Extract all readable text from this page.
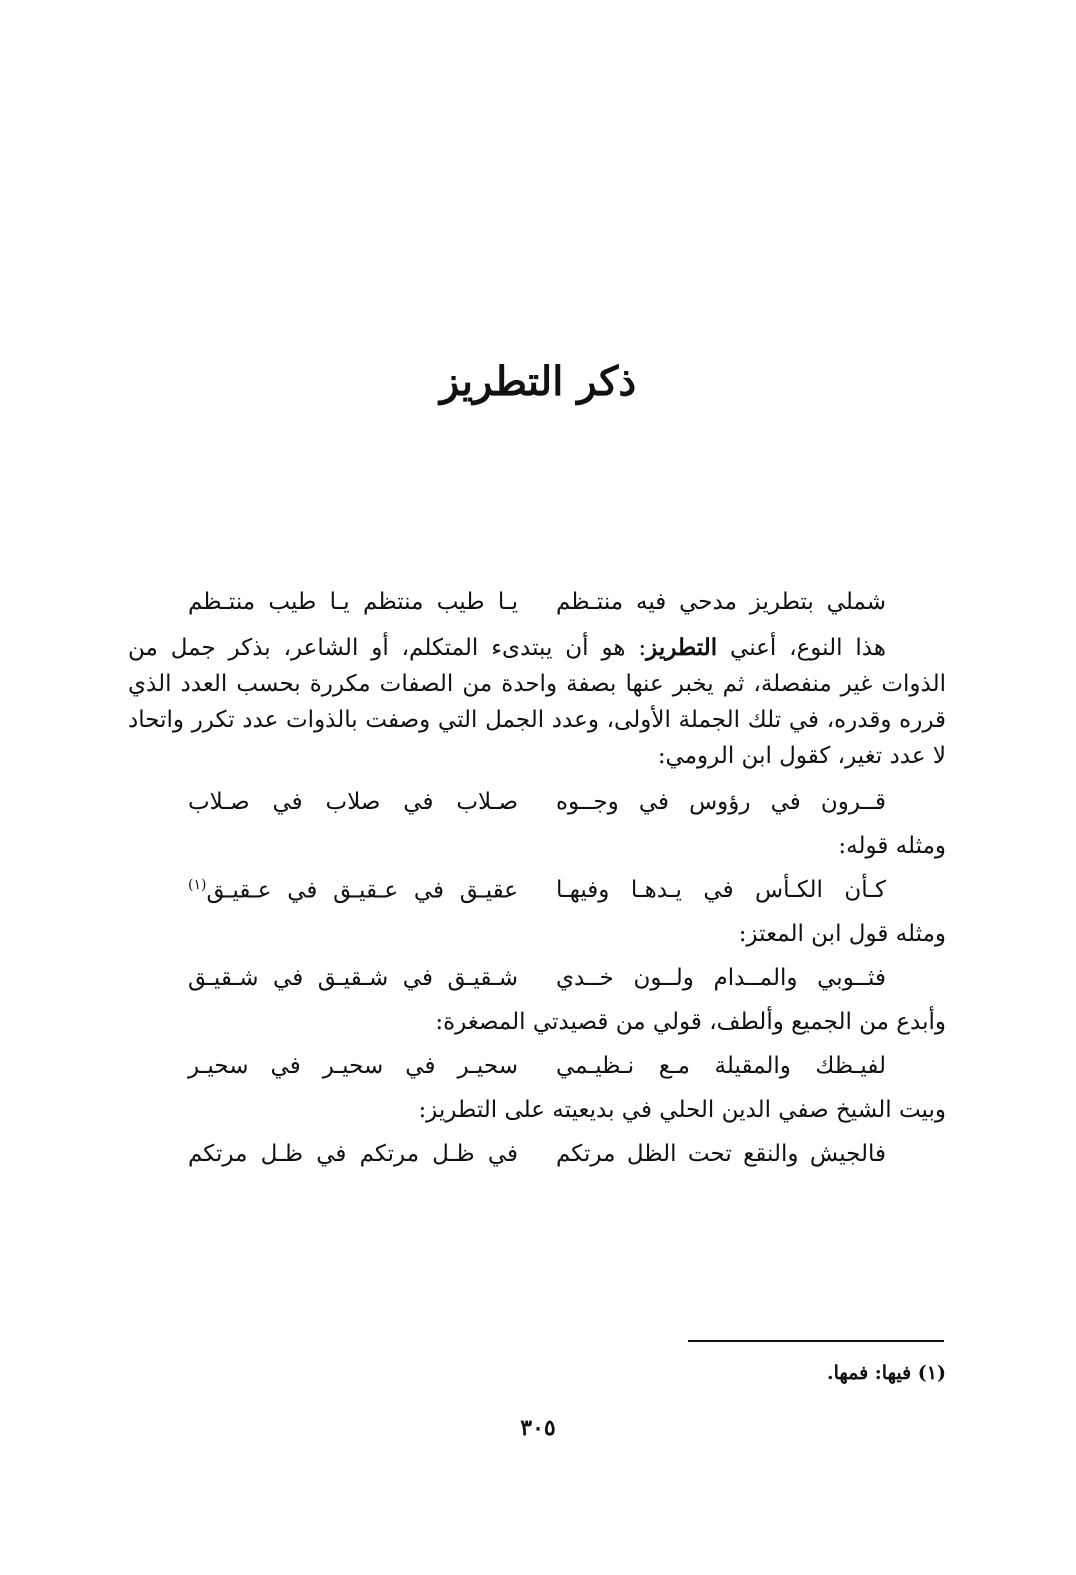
ذكر التطريز
شملي بتطريز مدحي فيه منتـظم
يـا طيب منتظم يـا طيب منتـظم

هذا النوع، أعني التطريز: هو أن يبتدىء المتكلم، أو الشاعر، بذكر جمل من الذوات غير منفصلة، ثم يخبر عنها بصفة واحدة من الصفات مكررة بحسب العدد الذي قرره وقدره، في تلك الجملة الأولى، وعدد الجمل التي وصفت بالذوات عدد تكرر واتحاد لا عدد تغير، كقول ابن الرومي:

قــرون في رؤوس في وجــوه
صـلاب في صلاب في صـلاب
ومثله قوله:
كـأن الكـأس في يـدهـا وفيهـا
عقيـق في عـقيـق في عـقيـق$^{(١)}$
ومثله قول ابن المعتز:
فثــوبي والمــدام ولــون خــدي
شـقيـق في شـقيـق في شـقيـق
وأبدع من الجميع وألطف، قولي من قصيدتي المصغرة:
لفيـظك والمقيلة مـع نـظيـمي
سحيـر في سحيـر في سحيـر
وبيت الشيخ صفي الدين الحلي في بديعيته على التطريز:
فالجيش والنقع تحت الظل مرتكم
في ظـل مرتكم في ظـل مرتكم
(١) فيها: فمها.
٣٠٥
